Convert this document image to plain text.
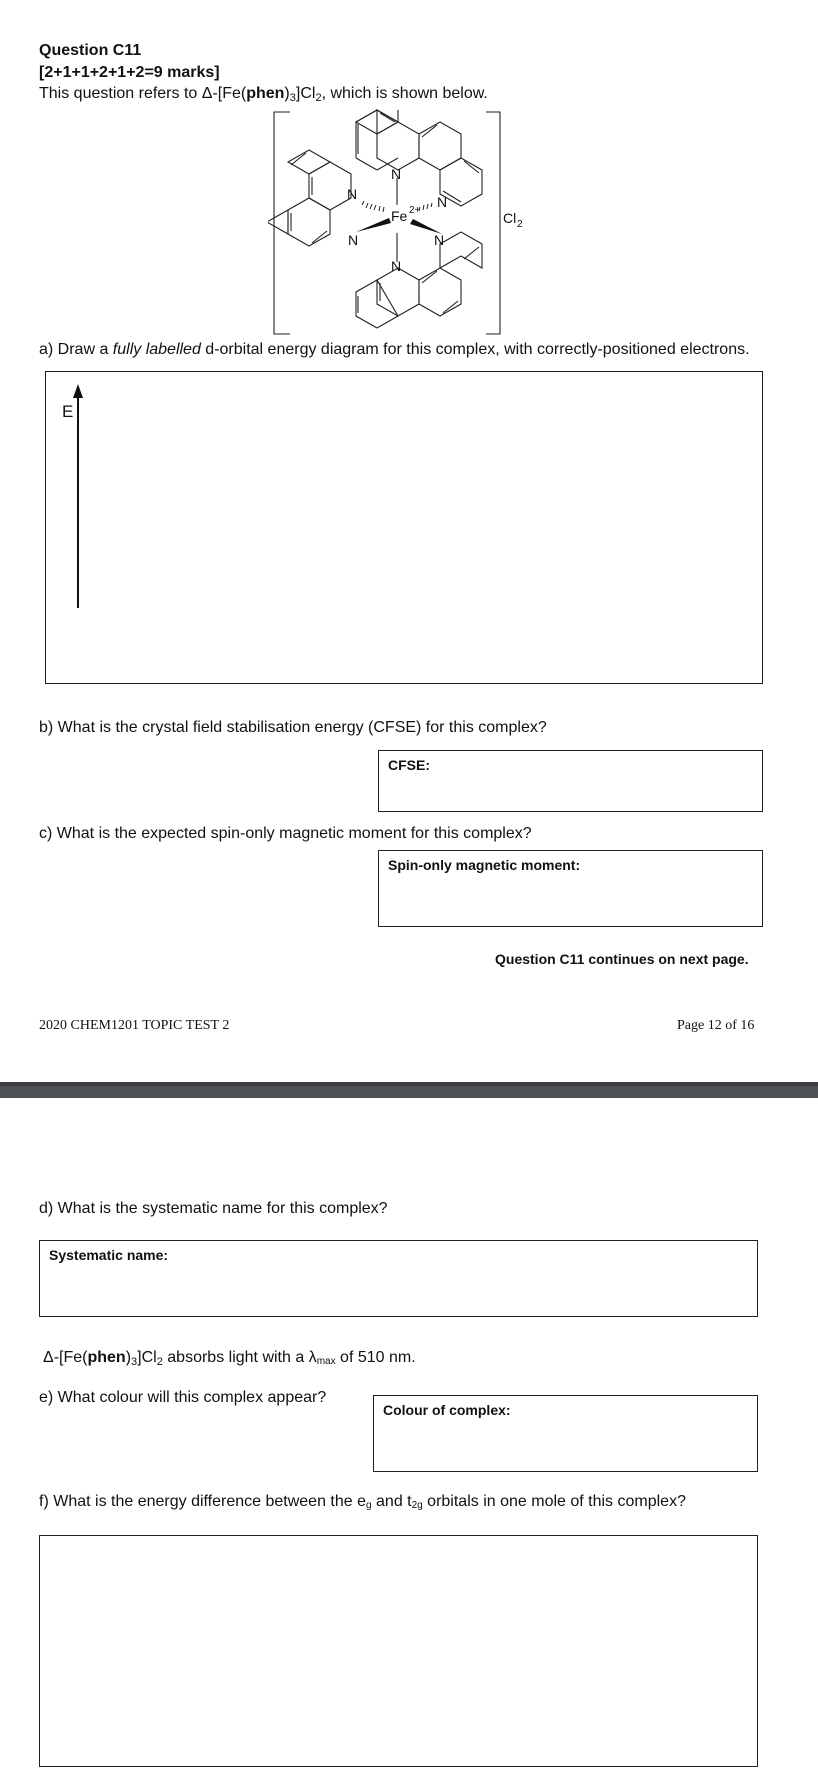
Question C11
[2+1+1+2+1+2=9 marks]
This question refers to $\Delta-[Fe(phen)_3]Cl_2$, which is shown below.
N
N	N
N	N
N
Fe 2+	Cl 2
a) Draw a fully labelled d-orbital energy diagram for this complex, with correctly-positioned electrons.
E
b) What is the crystal field stabilisation energy (CFSE) for this complex?
CFSE:
c) What is the expected spin-only magnetic moment for this complex?
Spin-only magnetic moment:
Question C11 continues on next page.
2020 CHEM1201 TOPIC TEST 2	Page 12 of 16
d) What is the systematic name for this complex?
Systematic name:
$\Delta-[Fe(phen)_3]Cl_2$ absorbs light with a λmax of 510 nm.
e) What colour will this complex appear?
Colour of complex:
f) What is the energy difference between the eg and t2g orbitals in one mole of this complex?
